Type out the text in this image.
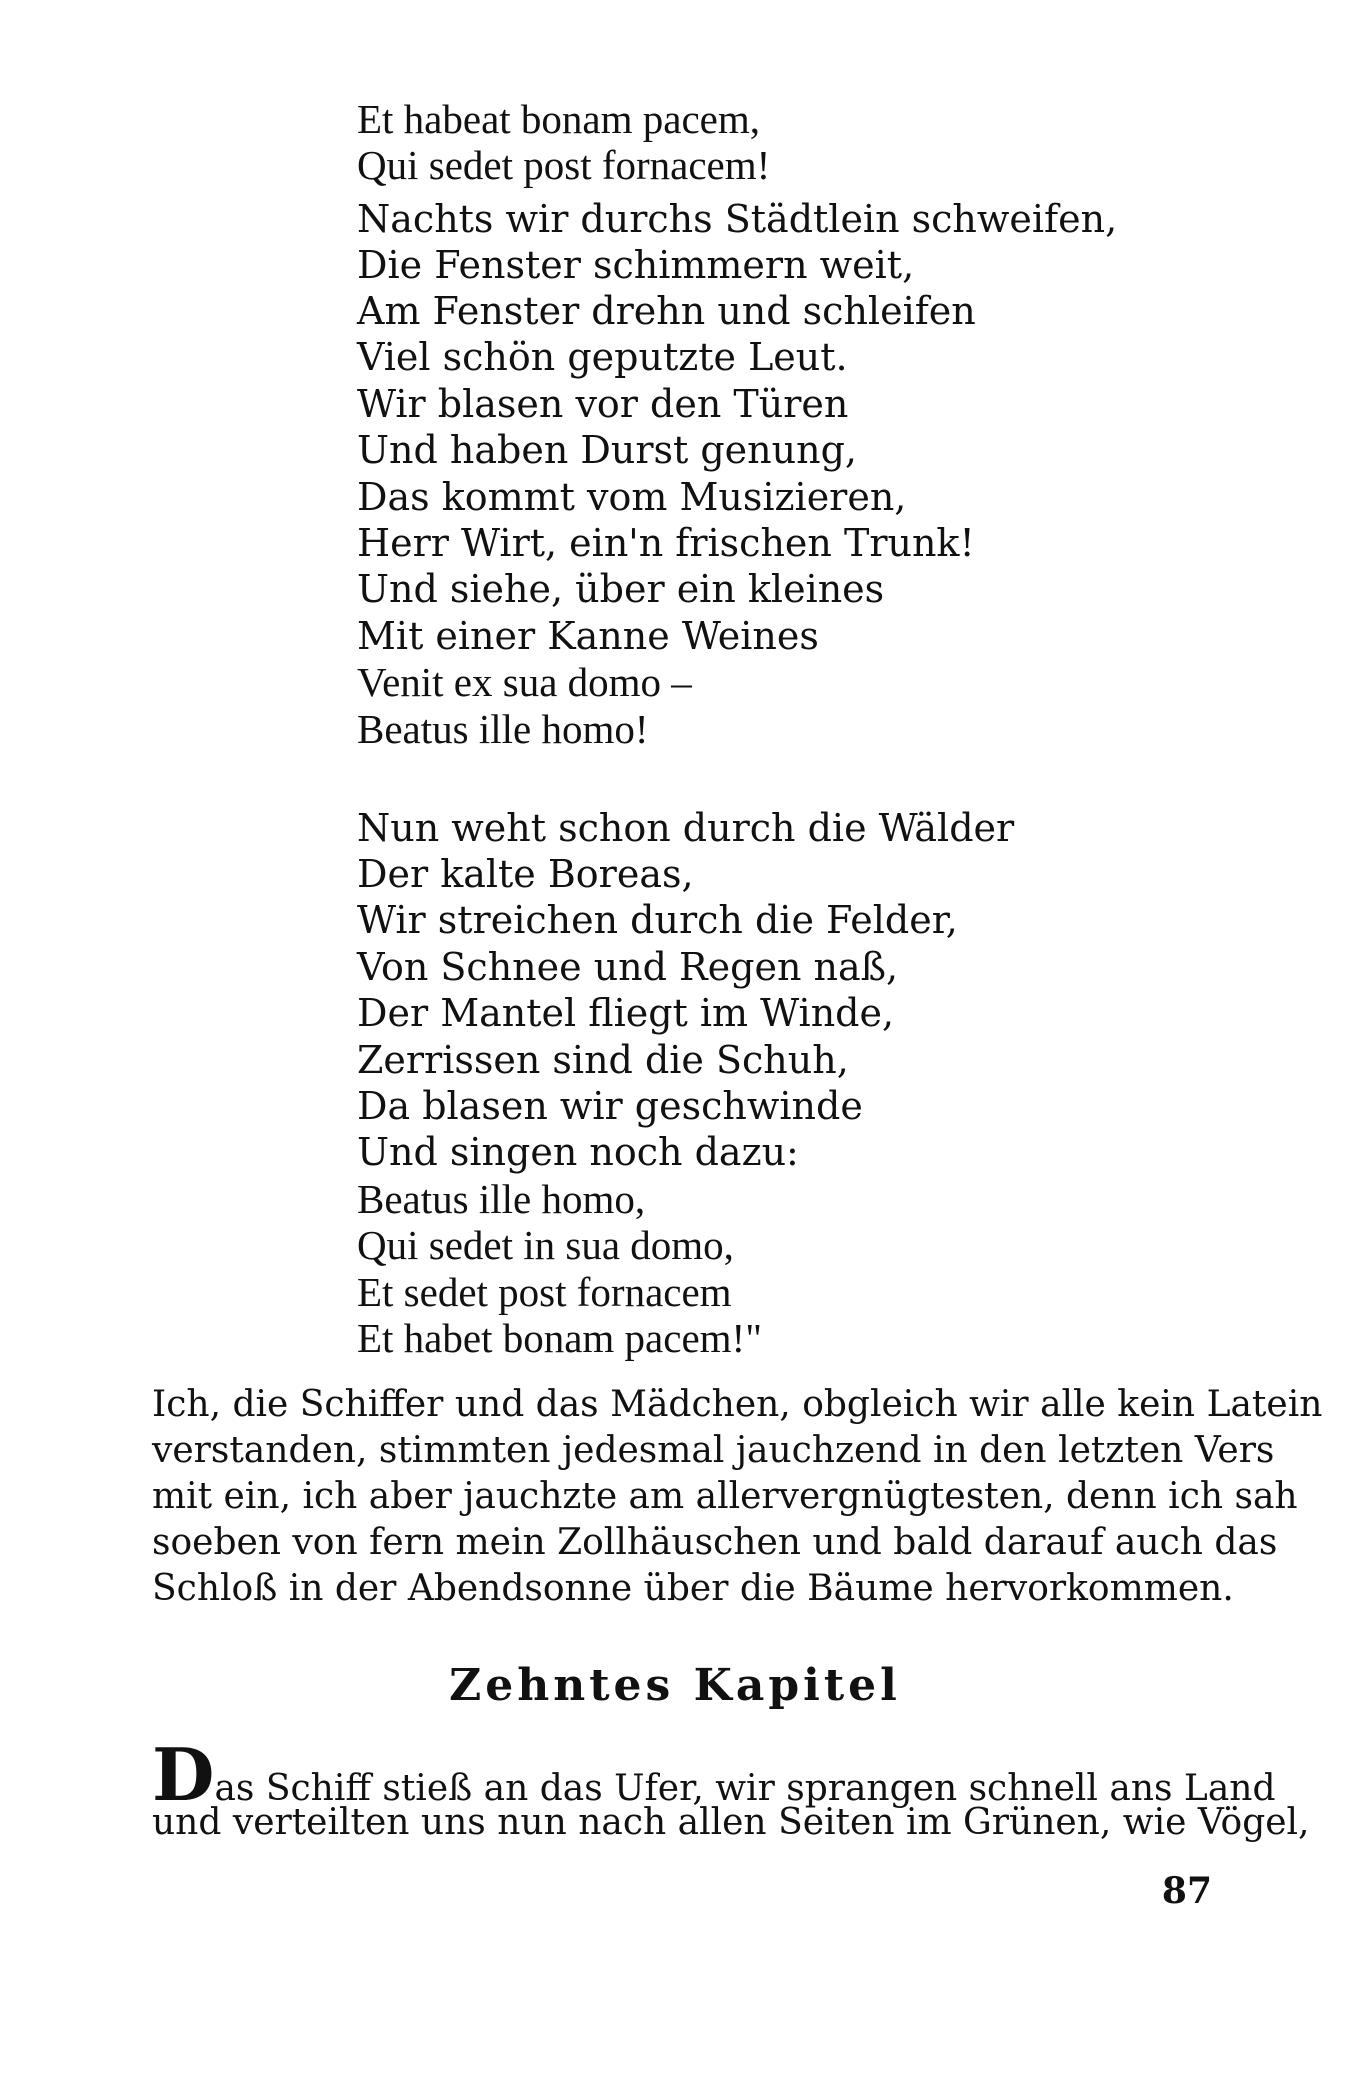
Et habeat bonam pacem,
Qui sedet post fornacem!
Nachts wir durchs Städtlein schweifen,
Die Fenster schimmern weit,
Am Fenster drehn und schleifen
Viel schön geputzte Leut.
Wir blasen vor den Türen
Und haben Durst genung,
Das kommt vom Musizieren,
Herr Wirt, ein'n frischen Trunk!
Und siehe, über ein kleines
Mit einer Kanne Weines
Venit ex sua domo –
Beatus ille homo!
Nun weht schon durch die Wälder
Der kalte Boreas,
Wir streichen durch die Felder,
Von Schnee und Regen naß,
Der Mantel fliegt im Winde,
Zerrissen sind die Schuh,
Da blasen wir geschwinde
Und singen noch dazu:
Beatus ille homo,
Qui sedet in sua domo,
Et sedet post fornacem
Et habet bonam pacem!"
Ich, die Schiffer und das Mädchen, obgleich wir alle kein Latein
verstanden, stimmten jedesmal jauchzend in den letzten Vers
mit ein, ich aber jauchzte am allervergnügtesten, denn ich sah
soeben von fern mein Zollhäuschen und bald darauf auch das
Schloß in der Abendsonne über die Bäume hervorkommen.
Zehntes Kapitel
Das Schiff stieß an das Ufer, wir sprangen schnell ans Land
und verteilten uns nun nach allen Seiten im Grünen, wie Vögel,
87
